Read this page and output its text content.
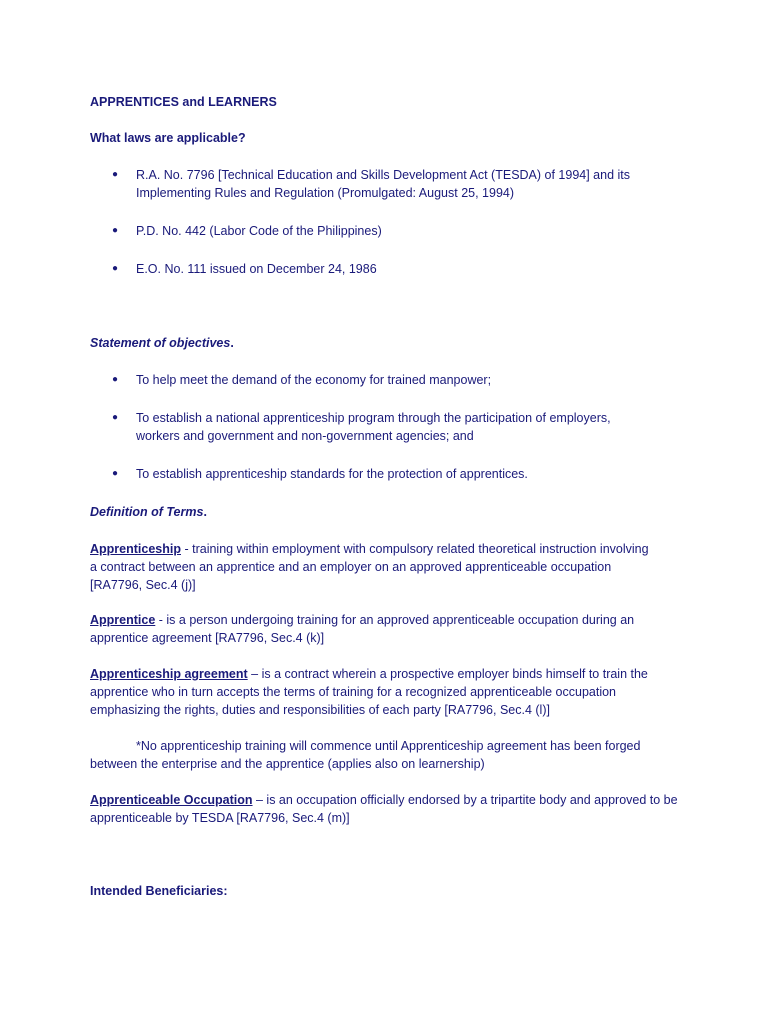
APPRENTICES and LEARNERS
What laws are applicable?
● R.A. No. 7796 [Technical Education and Skills Development Act (TESDA) of 1994] and its Implementing Rules and Regulation (Promulgated: August 25, 1994)
● P.D. No. 442 (Labor Code of the Philippines)
● E.O. No. 111 issued on December 24, 1986
Statement of objectives.
● To help meet the demand of the economy for trained manpower;
● To establish a national apprenticeship program through the participation of employers, workers and government and non-government agencies; and
● To establish apprenticeship standards for the protection of apprentices.
Definition of Terms.
Apprenticeship - training within employment with compulsory related theoretical instruction involving a contract between an apprentice and an employer on an approved apprenticeable occupation [RA7796, Sec.4 (j)]
Apprentice - is a person undergoing training for an approved apprenticeable occupation during an apprentice agreement [RA7796, Sec.4 (k)]
Apprenticeship agreement – is a contract wherein a prospective employer binds himself to train the apprentice who in turn accepts the terms of training for a recognized apprenticeable occupation emphasizing the rights, duties and responsibilities of each party [RA7796, Sec.4 (l)]
*No apprenticeship training will commence until Apprenticeship agreement has been forged between the enterprise and the apprentice (applies also on learnership)
Apprenticeable Occupation – is an occupation officially endorsed by a tripartite body and approved to be apprenticeable by TESDA [RA7796, Sec.4 (m)]
Intended Beneficiaries:
